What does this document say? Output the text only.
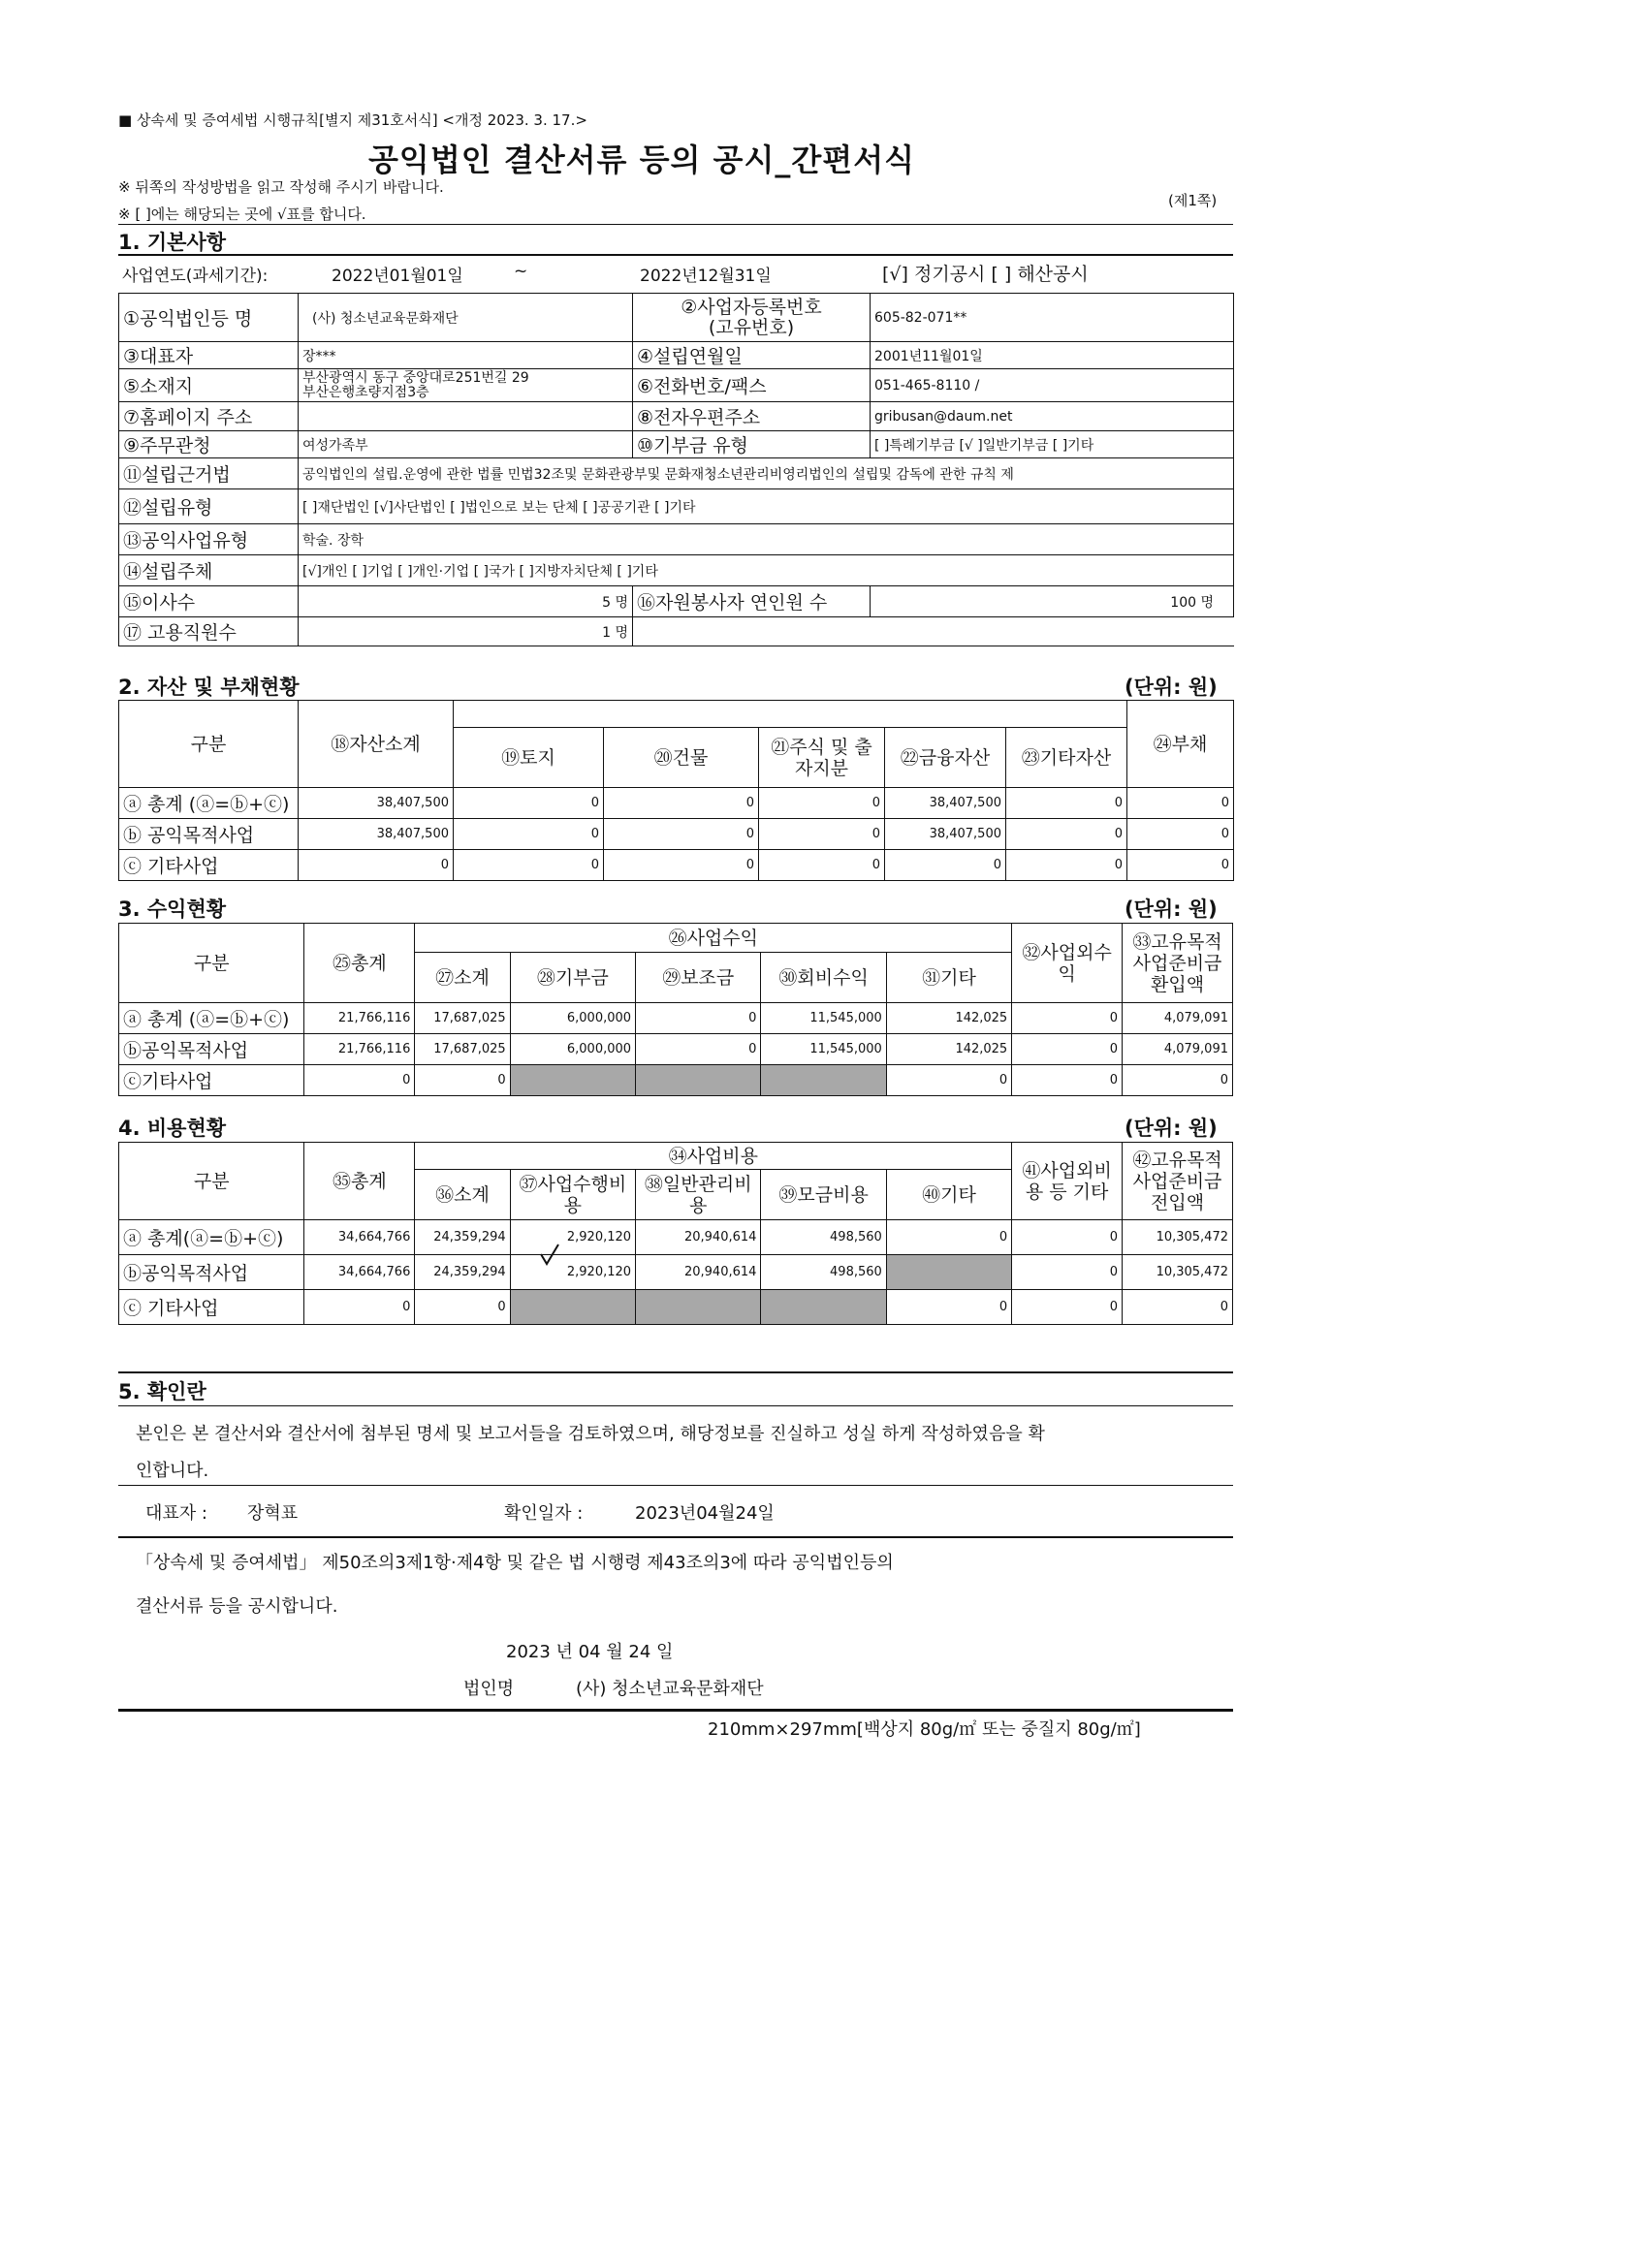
■ 상속세 및 증여세법 시행규칙[별지 제31호서식] <개정 2023. 3. 17.>
공익법인 결산서류 등의 공시_간편서식
※ 뒤쪽의 작성방법을 읽고 작성해 주시기 바랍니다.
※ [ ]에는 해당되는 곳에 √표를 합니다.
(제1쪽)
1. 기본사항
사업연도(과세기간):	2022년01월01일	~	2022년12월31일	[√] 정기공시 [ ] 해산공시
①공익법인등 명	(사) 청소년교육문화재단	②사업자등록번호
(고유번호)	605-82-071**
③대표자	장***	④설립연월일	2001년11월01일
⑤소재지	부산광역시 동구 중앙대로251번길 29
부산은행초량지점3층	⑥전화번호/팩스	051-465-8110 /
⑦홈페이지 주소		⑧전자우편주소	gribusan@daum.net
⑨주무관청	여성가족부	⑩기부금 유형	[ ]특례기부금 [√ ]일반기부금 [ ]기타
⑪설립근거법	공익법인의 설립.운영에 관한 법률 민법32조및 문화관광부및 문화재청소년관리비영리법인의 설립및 감독에 관한 규칙 제		
⑫설립유형	[ ]재단법인 [√]사단법인 [ ]법인으로 보는 단체 [ ]공공기관 [ ]기타		
⑬공익사업유형	학술. 장학		
⑭설립주체	[√]개인 [ ]기업 [ ]개인·기업 [ ]국가 [ ]지방자치단체 [ ]기타		
⑮이사수	5 명	⑯자원봉사자 연인원 수	100 명
⑰ 고용직원수	1 명		
2. 자산 및 부채현황	(단위: 원)
구분	⑱자산소계						㉔부채
		⑲토지	⑳건물	㉑주식 및 출자지분	㉒금융자산	㉓기타자산	
ⓐ 총계 (ⓐ=ⓑ+ⓒ)	38,407,500	0	0	0	38,407,500	0	0
ⓑ 공익목적사업	38,407,500	0	0	0	38,407,500	0	0
ⓒ 기타사업	0	0	0	0	0	0	0
3. 수익현황	(단위: 원)
구분	㉕총계	㉖사업수익					㉜사업외수익	㉝고유목적사업준비금환입액
		㉗소계	㉘기부금	㉙보조금	㉚회비수익	㉛기타		
ⓐ 총계 (ⓐ=ⓑ+ⓒ)	21,766,116	17,687,025	6,000,000	0	11,545,000	142,025	0	4,079,091
ⓑ공익목적사업	21,766,116	17,687,025	6,000,000	0	11,545,000	142,025	0	4,079,091
ⓒ기타사업	0	0				0	0	0
4. 비용현황	(단위: 원)
구분	㉟총계	㉞사업비용					㊶사업외비용 등 기타	㊷고유목적사업준비금전입액
		㊱소계	㊲사업수행비용	㊳일반관리비용	㊴모금비용	㊵기타		
ⓐ 총계(ⓐ=ⓑ+ⓒ)	34,664,766	24,359,294	2,920,120	20,940,614	498,560	0	0	10,305,472
ⓑ공익목적사업	34,664,766	24,359,294	2,920,120	20,940,614	498,560		0	10,305,472
ⓒ 기타사업	0	0				0	0	0
5. 확인란
본인은 본 결산서와 결산서에 첨부된 명세 및 보고서들을 검토하였으며, 해당정보를 진실하고 성실 하게 작성하였음을 확
인합니다.
대표자 : 장혁표	확인일자 :	2023년04월24일
「상속세 및 증여세법」 제50조의3제1항·제4항 및 같은 법 시행령 제43조의3에 따라 공익법인등의
결산서류 등을 공시합니다.
2023 년 04 월 24 일
법인명	(사) 청소년교육문화재단
210mm×297mm[백상지 80g/㎡ 또는 중질지 80g/㎡]
